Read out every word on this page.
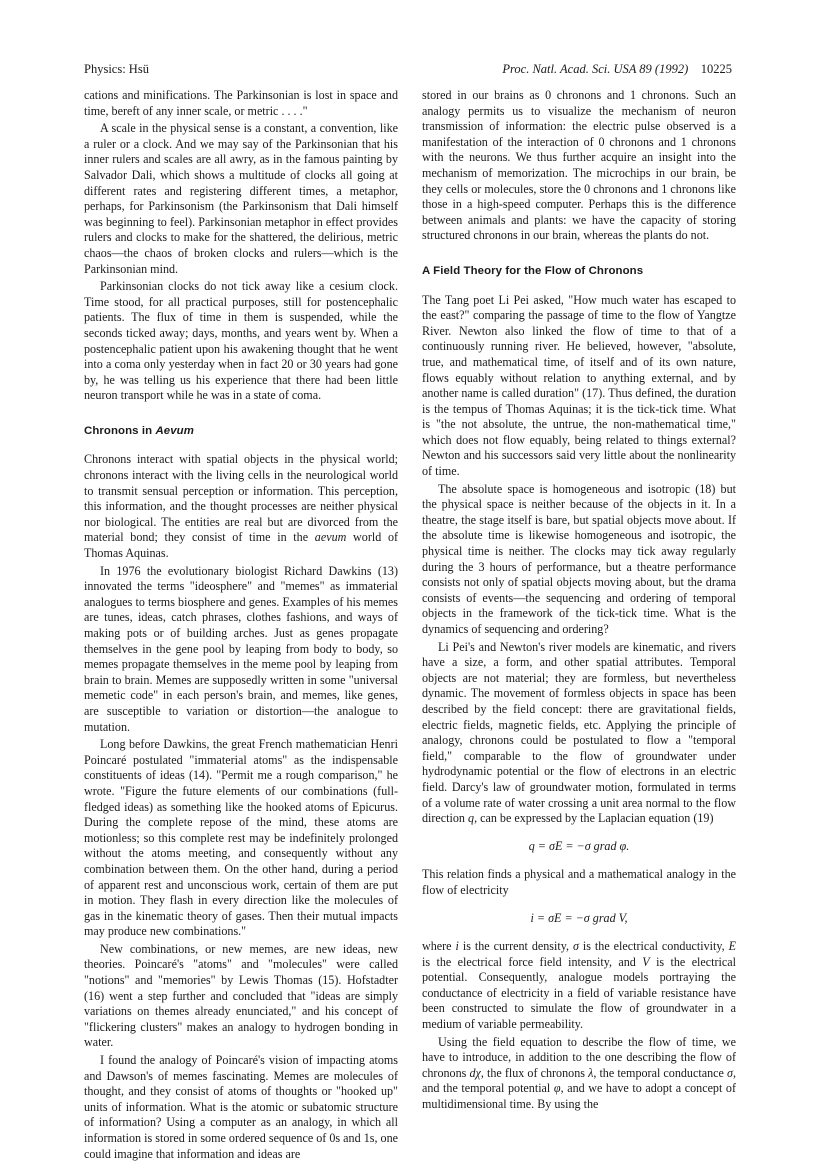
Physics: Hsü	Proc. Natl. Acad. Sci. USA 89 (1992) 10225

cations and minifications. The Parkinsonian is lost in space and time, bereft of any inner scale, or metric . . . ."

A scale in the physical sense is a constant, a convention, like a ruler or a clock. And we may say of the Parkinsonian that his inner rulers and scales are all awry, as in the famous painting by Salvador Dali, which shows a multitude of clocks all going at different rates and registering different times, a metaphor, perhaps, for Parkinsonism (the Parkinsonism that Dali himself was beginning to feel). Parkinsonian metaphor in effect provides rulers and clocks to make for the shattered, the delirious, metric chaos—the chaos of broken clocks and rulers—which is the Parkinsonian mind.

Parkinsonian clocks do not tick away like a cesium clock. Time stood, for all practical purposes, still for postencephalic patients. The flux of time in them is suspended, while the seconds ticked away; days, months, and years went by. When a postencephalic patient upon his awakening thought that he went into a coma only yesterday when in fact 20 or 30 years had gone by, he was telling us his experience that there had been little neuron transport while he was in a state of coma.

Chronons in Aevum

Chronons interact with spatial objects in the physical world; chronons interact with the living cells in the neurological world to transmit sensual perception or information. This perception, this information, and the thought processes are neither physical nor biological. The entities are real but are divorced from the material bond; they consist of time in the aevum world of Thomas Aquinas.

In 1976 the evolutionary biologist Richard Dawkins (13) innovated the terms "ideosphere" and "memes" as immaterial analogues to terms biosphere and genes. Examples of his memes are tunes, ideas, catch phrases, clothes fashions, and ways of making pots or of building arches. Just as genes propagate themselves in the gene pool by leaping from body to body, so memes propagate themselves in the meme pool by leaping from brain to brain. Memes are supposedly written in some "universal memetic code" in each person's brain, and memes, like genes, are susceptible to variation or distortion—the analogue to mutation.

Long before Dawkins, the great French mathematician Henri Poincaré postulated "immaterial atoms" as the indispensable constituents of ideas (14). "Permit me a rough comparison," he wrote. "Figure the future elements of our combinations (full-fledged ideas) as something like the hooked atoms of Epicurus. During the complete repose of the mind, these atoms are motionless; so this complete rest may be indefinitely prolonged without the atoms meeting, and consequently without any combination between them. On the other hand, during a period of apparent rest and unconscious work, certain of them are put in motion. They flash in every direction like the molecules of gas in the kinematic theory of gases. Then their mutual impacts may produce new combinations."

New combinations, or new memes, are new ideas, new theories. Poincaré's "atoms" and "molecules" were called "notions" and "memories" by Lewis Thomas (15). Hofstadter (16) went a step further and concluded that "ideas are simply variations on themes already enunciated," and his concept of "flickering clusters" makes an analogy to hydrogen bonding in water.

I found the analogy of Poincaré's vision of impacting atoms and Dawson's of memes fascinating. Memes are molecules of thought, and they consist of atoms of thoughts or "hooked up" units of information. What is the atomic or subatomic structure of information? Using a computer as an analogy, in which all information is stored in some ordered sequence of 0s and 1s, one could imagine that information and ideas are

stored in our brains as 0 chronons and 1 chronons. Such an analogy permits us to visualize the mechanism of neuron transmission of information: the electric pulse observed is a manifestation of the interaction of 0 chronons and 1 chronons with the neurons. We thus further acquire an insight into the mechanism of memorization. The microchips in our brain, be they cells or molecules, store the 0 chronons and 1 chronons like those in a high-speed computer. Perhaps this is the difference between animals and plants: we have the capacity of storing structured chronons in our brain, whereas the plants do not.

A Field Theory for the Flow of Chronons

The Tang poet Li Pei asked, "How much water has escaped to the east?" comparing the passage of time to the flow of Yangtze River. Newton also linked the flow of time to that of a continuously running river. He believed, however, "absolute, true, and mathematical time, of itself and of its own nature, flows equably without relation to anything external, and by another name is called duration" (17). Thus defined, the duration is the tempus of Thomas Aquinas; it is the tick-tick time. What is "the not absolute, the untrue, the non-mathematical time," which does not flow equably, being related to things external? Newton and his successors said very little about the nonlinearity of time.

The absolute space is homogeneous and isotropic (18) but the physical space is neither because of the objects in it. In a theatre, the stage itself is bare, but spatial objects move about. If the absolute time is likewise homogeneous and isotropic, the physical time is neither. The clocks may tick away regularly during the 3 hours of performance, but a theatre performance consists not only of spatial objects moving about, but the drama consists of events—the sequencing and ordering of temporal objects in the framework of the tick-tick time. What is the dynamics of sequencing and ordering?

Li Pei's and Newton's river models are kinematic, and rivers have a size, a form, and other spatial attributes. Temporal objects are not material; they are formless, but nevertheless dynamic. The movement of formless objects in space has been described by the field concept: there are gravitational fields, electric fields, magnetic fields, etc. Applying the principle of analogy, chronons could be postulated to flow a "temporal field," comparable to the flow of groundwater under hydrodynamic potential or the flow of electrons in an electric field. Darcy's law of groundwater motion, formulated in terms of a volume rate of water crossing a unit area normal to the flow direction q, can be expressed by the Laplacian equation (19)

q = σE = −σ grad φ.

This relation finds a physical and a mathematical analogy in the flow of electricity

i = σE = −σ grad V,

where i is the current density, σ is the electrical conductivity, E is the electrical force field intensity, and V is the electrical potential. Consequently, analogue models portraying the conductance of electricity in a field of variable resistance have been constructed to simulate the flow of groundwater in a medium of variable permeability.

Using the field equation to describe the flow of time, we have to introduce, in addition to the one describing the flow of chronons dχ, the flux of chronons λ, the temporal conductance σ, and the temporal potential φ, and we have to adopt a concept of multidimensional time. By using the
